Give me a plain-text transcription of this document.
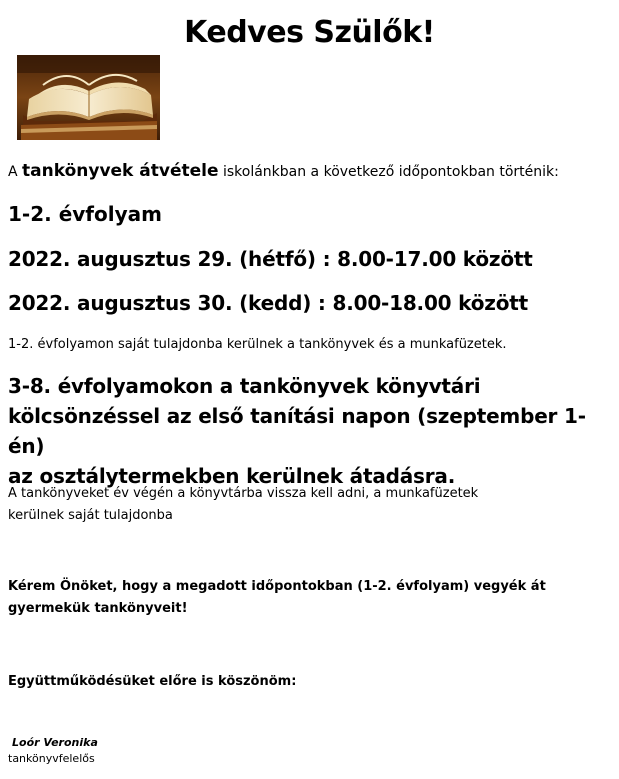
Kedves Szülők!
A tankönyvek átvétele iskolánkban a következő időpontokban történik:
1-2. évfolyam
2022. augusztus 29. (hétfő) : 8.00-17.00 között
2022. augusztus 30. (kedd) : 8.00-18.00 között
1-2. évfolyamon saját tulajdonba kerülnek a tankönyvek és a munkafüzetek.
3-8. évfolyamokon a tankönyvek könyvtári
kölcsönzéssel az első tanítási napon (szeptember 1-én)
az osztálytermekben kerülnek átadásra.
A tankönyveket év végén a könyvtárba vissza kell adni, a munkafüzetek
kerülnek saját tulajdonba
Kérem Önöket, hogy a megadott időpontokban (1-2. évfolyam) vegyék át
gyermekük tankönyveit!
Együttműködésüket előre is köszönöm:
Loór Veronika
tankönyvfelelős
